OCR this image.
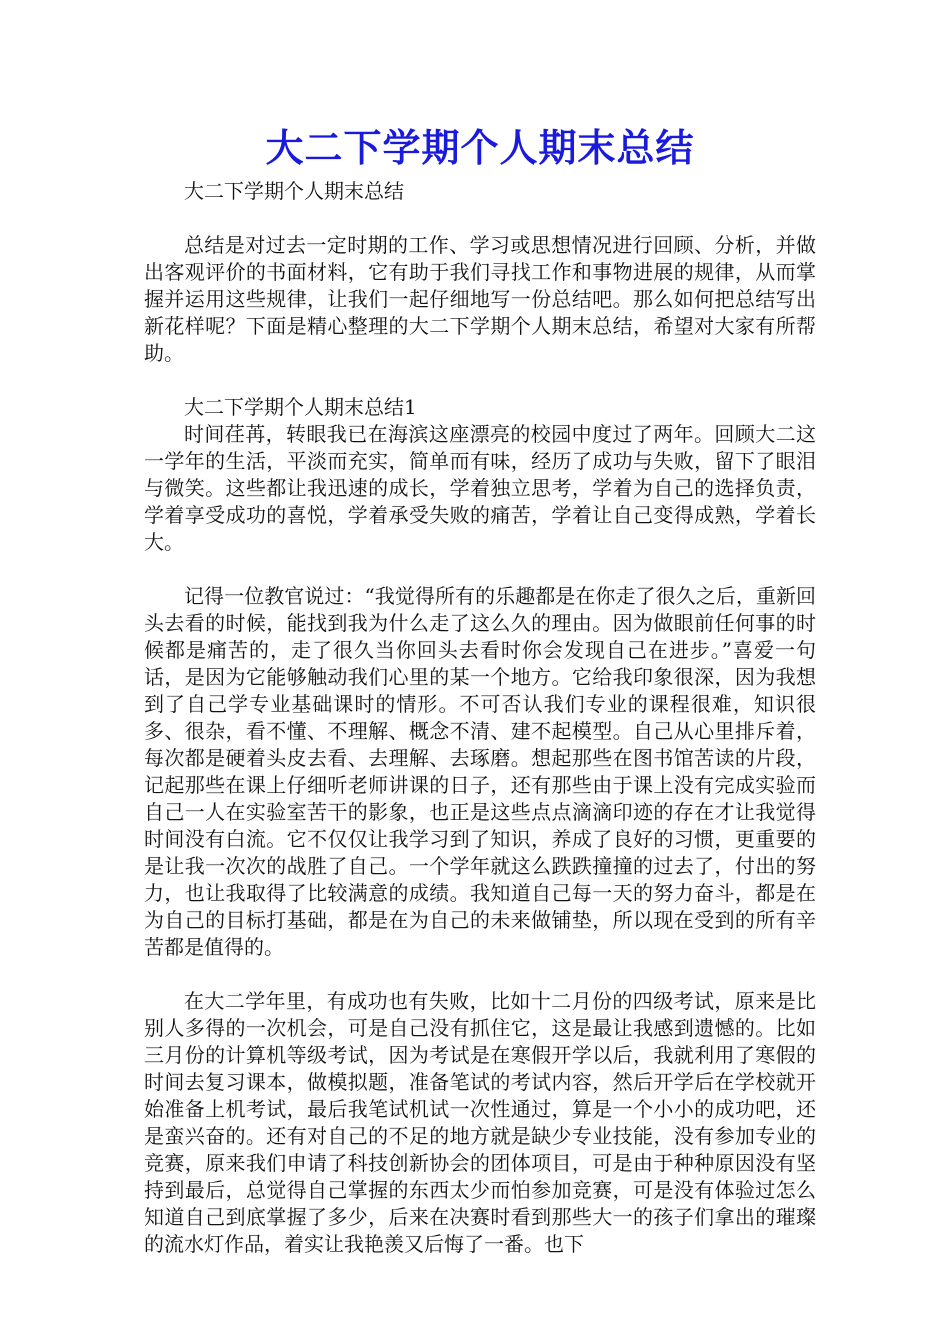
大二下学期个人期末总结

大二下学期个人期末总结

总结是对过去一定时期的工作、学习或思想情况进行回顾、分析，并做出客观评价的书面材料，它有助于我们寻找工作和事物进展的规律，从而掌握并运用这些规律，让我们一起仔细地写一份总结吧。那么如何把总结写出新花样呢？下面是精心整理的大二下学期个人期末总结，希望对大家有所帮助。

大二下学期个人期末总结1

时间荏苒，转眼我已在海滨这座漂亮的校园中度过了两年。回顾大二这一学年的生活，平淡而充实，简单而有味，经历了成功与失败，留下了眼泪与微笑。这些都让我迅速的成长，学着独立思考，学着为自己的选择负责，学着享受成功的喜悦，学着承受失败的痛苦，学着让自己变得成熟，学着长大。

记得一位教官说过：“我觉得所有的乐趣都是在你走了很久之后，重新回头去看的时候，能找到我为什么走了这么久的理由。因为做眼前任何事的时候都是痛苦的，走了很久当你回头去看时你会发现自己在进步。”喜爱一句话，是因为它能够触动我们心里的某一个地方。它给我印象很深，因为我想到了自己学专业基础课时的情形。不可否认我们专业的课程很难，知识很多、很杂，看不懂、不理解、概念不清、建不起模型。自己从心里排斥着，每次都是硬着头皮去看、去理解、去琢磨。想起那些在图书馆苦读的片段，记起那些在课上仔细听老师讲课的日子，还有那些由于课上没有完成实验而自己一人在实验室苦干的影象，也正是这些点点滴滴印迹的存在才让我觉得时间没有白流。它不仅仅让我学习到了知识，养成了良好的习惯，更重要的是让我一次次的战胜了自己。一个学年就这么跌跌撞撞的过去了，付出的努力，也让我取得了比较满意的成绩。我知道自己每一天的努力奋斗，都是在为自己的目标打基础，都是在为自己的未来做铺垫，所以现在受到的所有辛苦都是值得的。

在大二学年里，有成功也有失败，比如十二月份的四级考试，原来是比别人多得的一次机会，可是自己没有抓住它，这是最让我感到遗憾的。比如三月份的计算机等级考试，因为考试是在寒假开学以后，我就利用了寒假的时间去复习课本，做模拟题，准备笔试的考试内容，然后开学后在学校就开始准备上机考试，最后我笔试机试一次性通过，算是一个小小的成功吧，还是蛮兴奋的。还有对自己的不足的地方就是缺少专业技能，没有参加专业的竞赛，原来我们申请了科技创新协会的团体项目，可是由于种种原因没有坚持到最后，总觉得自己掌握的东西太少而怕参加竞赛，可是没有体验过怎么知道自己到底掌握了多少，后来在决赛时看到那些大一的孩子们拿出的璀璨的流水灯作品，着实让我艳羡又后悔了一番。也下
